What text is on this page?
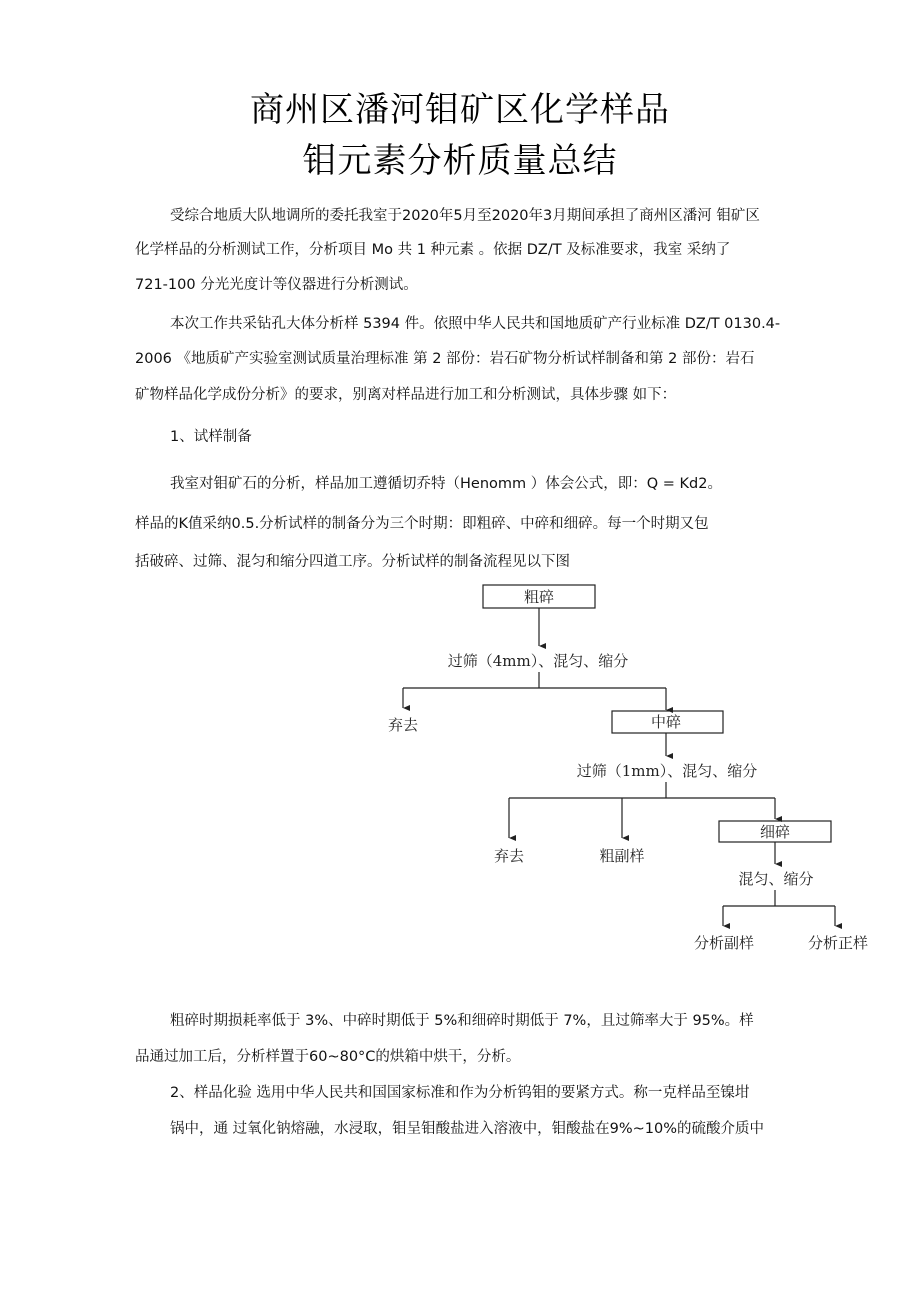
商州区潘河钼矿区化学样品
钼元素分析质量总结
受综合地质大队地调所的委托我室于2020年5月至2020年3月期间承担了商州区潘河 钼矿区
化学样品的分析测试工作，分析项目 Mo 共 1 种元素 。依据 DZ/T 及标准要求，我室 采纳了
721-100 分光光度计等仪器进行分析测试。
本次工作共采钻孔大体分析样 5394 件。依照中华人民共和国地质矿产行业标准 DZ/T 0130.4-
2006 《地质矿产实验室测试质量治理标准 第 2 部份：岩石矿物分析试样制备和第 2 部份：岩石
矿物样品化学成份分析》的要求，别离对样品进行加工和分析测试，具体步骤 如下：
1、试样制备
我室对钼矿石的分析，样品加工遵循切乔特（Henomm ）体会公式，即：Q = Kd2。
样品的K值采纳0.5.分析试样的制备分为三个时期：即粗碎、中碎和细碎。每一个时期又包
括破碎、过筛、混匀和缩分四道工序。分析试样的制备流程见以下图
粗碎
过筛（4mm）、混匀、缩分
弃去	中碎
过筛（1mm）、混匀、缩分
弃去	粗副样
细碎
混匀、缩分
分析副样	分析正样
粗碎时期损耗率低于 3%、中碎时期低于 5%和细碎时期低于 7%，且过筛率大于 95%。样
品通过加工后，分析样置于60~80°C的烘箱中烘干，分析。
2、样品化验 选用中华人民共和国国家标准和作为分析钨钼的要紧方式。称一克样品至镍坩
锅中，通 过氧化钠熔融，水浸取，钼呈钼酸盐进入溶液中，钼酸盐在9%~10%的硫酸介质中
